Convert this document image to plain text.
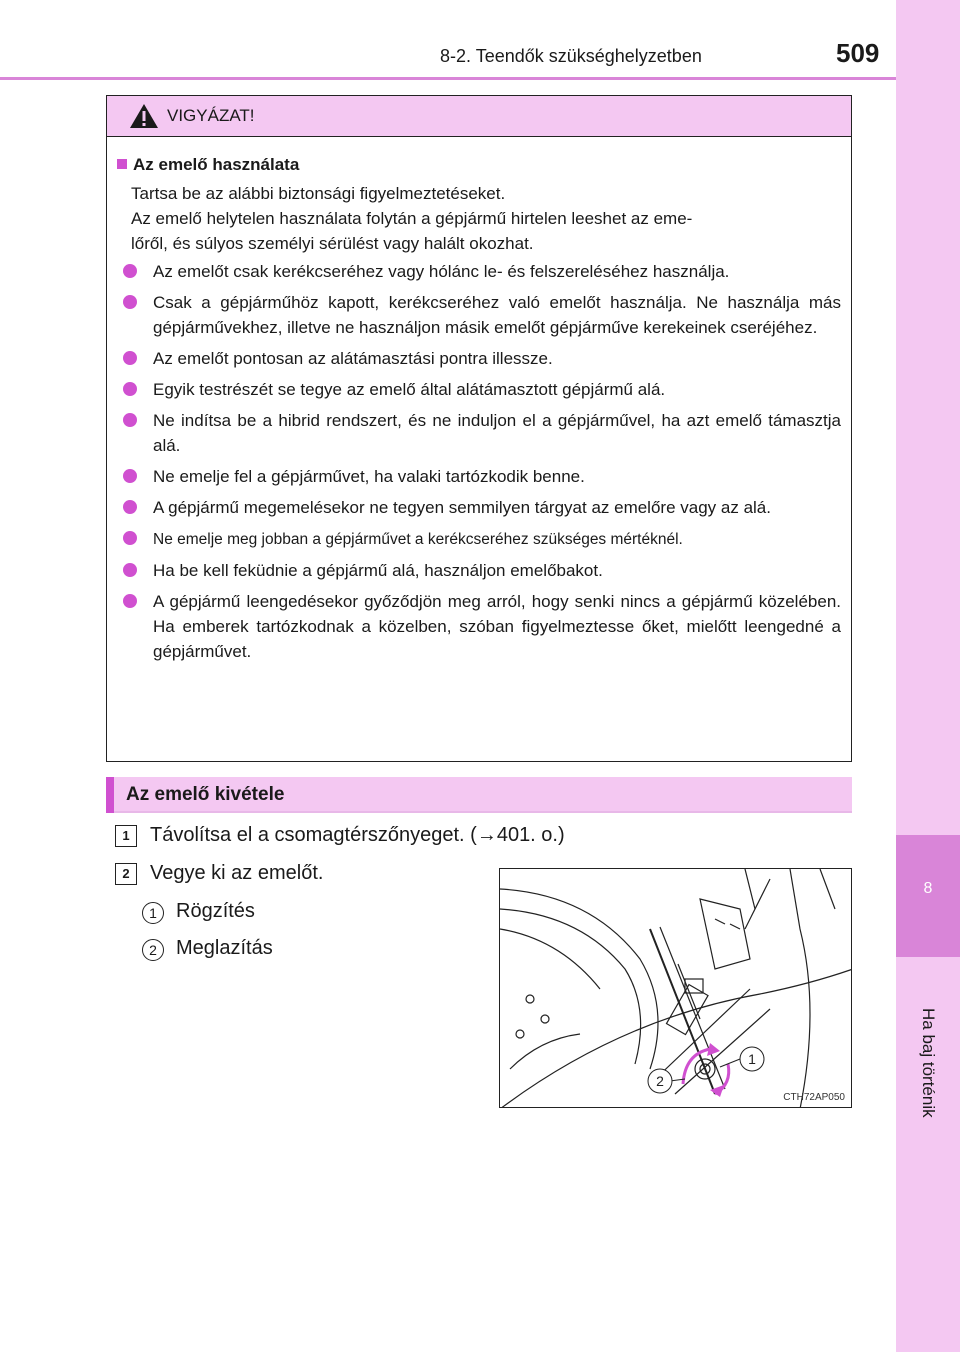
8
Ha baj történik
8-2. Teendők szükséghelyzetben	509
VIGYÁZAT!
Az emelő használata
Tartsa be az alábbi biztonsági figyelmeztetéseket.
Az emelő helytelen használata folytán a gépjármű hirtelen leeshet az eme-
lőről, és súlyos személyi sérülést vagy halált okozhat.
Az emelőt csak kerékcseréhez vagy hólánc le- és felszereléséhez használja.
Csak a gépjárműhöz kapott, kerékcseréhez való emelőt használja. Ne használja más gépjárművekhez, illetve ne használjon másik emelőt gépjárműve kerekeinek cseréjéhez.
Az emelőt pontosan az alátámasztási pontra illessze.
Egyik testrészét se tegye az emelő által alátámasztott gépjármű alá.
Ne indítsa be a hibrid rendszert, és ne induljon el a gépjárművel, ha azt emelő támasztja alá.
Ne emelje fel a gépjárművet, ha valaki tartózkodik benne.
A gépjármű megemelésekor ne tegyen semmilyen tárgyat az emelőre vagy az alá.
Ne emelje meg jobban a gépjárművet a kerékcseréhez szükséges mértéknél.
Ha be kell feküdnie a gépjármű alá, használjon emelőbakot.
A gépjármű leengedésekor győződjön meg arról, hogy senki nincs a gépjármű közelében. Ha emberek tartózkodnak a közelben, szóban figyelmeztesse őket, mielőtt leengedné a gépjárművet.
Az emelő kivétele
1	Távolítsa el a csomagtérszőnyeget. (→401. o.)
2	Vegye ki az emelőt.
1 Rögzítés
2 Meglazítás
1
2
CTH72AP050
